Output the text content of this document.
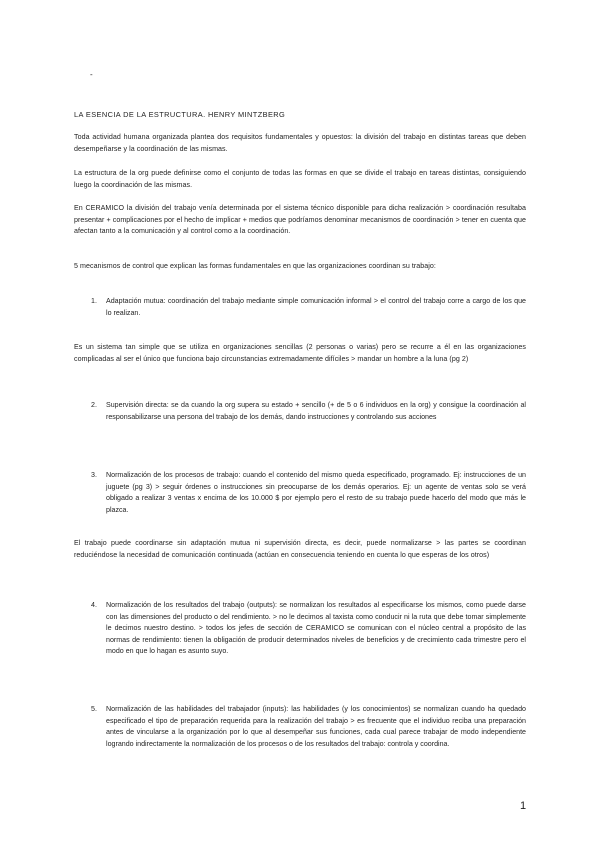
-
LA ESENCIA DE LA ESTRUCTURA. HENRY MINTZBERG
Toda actividad humana organizada plantea dos requisitos fundamentales y opuestos: la división del trabajo en distintas tareas que deben desempeñarse y la coordinación de las mismas.
La estructura de la org puede definirse como el conjunto de todas las formas en que se divide el trabajo en tareas distintas, consiguiendo luego la coordinación de las mismas.
En CERAMICO la división del trabajo venía determinada por el sistema técnico disponible para dicha realización > coordinación resultaba presentar + complicaciones por el hecho de implicar + medios que podríamos denominar mecanismos de coordinación > tener en cuenta que afectan tanto a la comunicación y al control como a la coordinación.
5 mecanismos de control que explican las formas fundamentales en que las organizaciones coordinan su trabajo:
1. Adaptación mutua: coordinación del trabajo mediante simple comunicación informal > el control del trabajo corre a cargo de los que lo realizan.
Es un sistema tan simple que se utiliza en organizaciones sencillas (2 personas o varias) pero se recurre a él en las organizaciones complicadas al ser el único que funciona bajo circunstancias extremadamente difíciles > mandar un hombre a la luna (pg 2)
2. Supervisión directa: se da cuando la org supera su estado + sencillo (+ de 5 o 6 individuos en la org) y consigue la coordinación al responsabilizarse una persona del trabajo de los demás, dando instrucciones y controlando sus acciones
3. Normalización de los procesos de trabajo: cuando el contenido del mismo queda especificado, programado. Ej: instrucciones de un juguete (pg 3) > seguir órdenes o instrucciones sin preocuparse de los demás operarios. Ej: un agente de ventas solo se verá obligado a realizar 3 ventas x encima de los 10.000 $ por ejemplo pero el resto de su trabajo puede hacerlo del modo que más le plazca.
El trabajo puede coordinarse sin adaptación mutua ni supervisión directa, es decir, puede normalizarse > las partes se coordinan reduciéndose la necesidad de comunicación continuada (actúan en consecuencia teniendo en cuenta lo que esperas de los otros)
4. Normalización de los resultados del trabajo (outputs): se normalizan los resultados al especificarse los mismos, como puede darse con las dimensiones del producto o del rendimiento. > no le decimos al taxista como conducir ni la ruta que debe tomar simplemente le decimos nuestro destino. > todos los jefes de sección de CERAMICO se comunican con el núcleo central a propósito de las normas de rendimiento: tienen la obligación de producir determinados niveles de beneficios y de crecimiento cada trimestre pero el modo en que lo hagan es asunto suyo.
5. Normalización de las habilidades del trabajador (inputs): las habilidades (y los conocimientos) se normalizan cuando ha quedado especificado el tipo de preparación requerida para la realización del trabajo > es frecuente que el individuo reciba una preparación antes de vincularse a la organización por lo que al desempeñar sus funciones, cada cual parece trabajar de modo independiente logrando indirectamente la normalización de los procesos o de los resultados del trabajo: controla y coordina.
1
